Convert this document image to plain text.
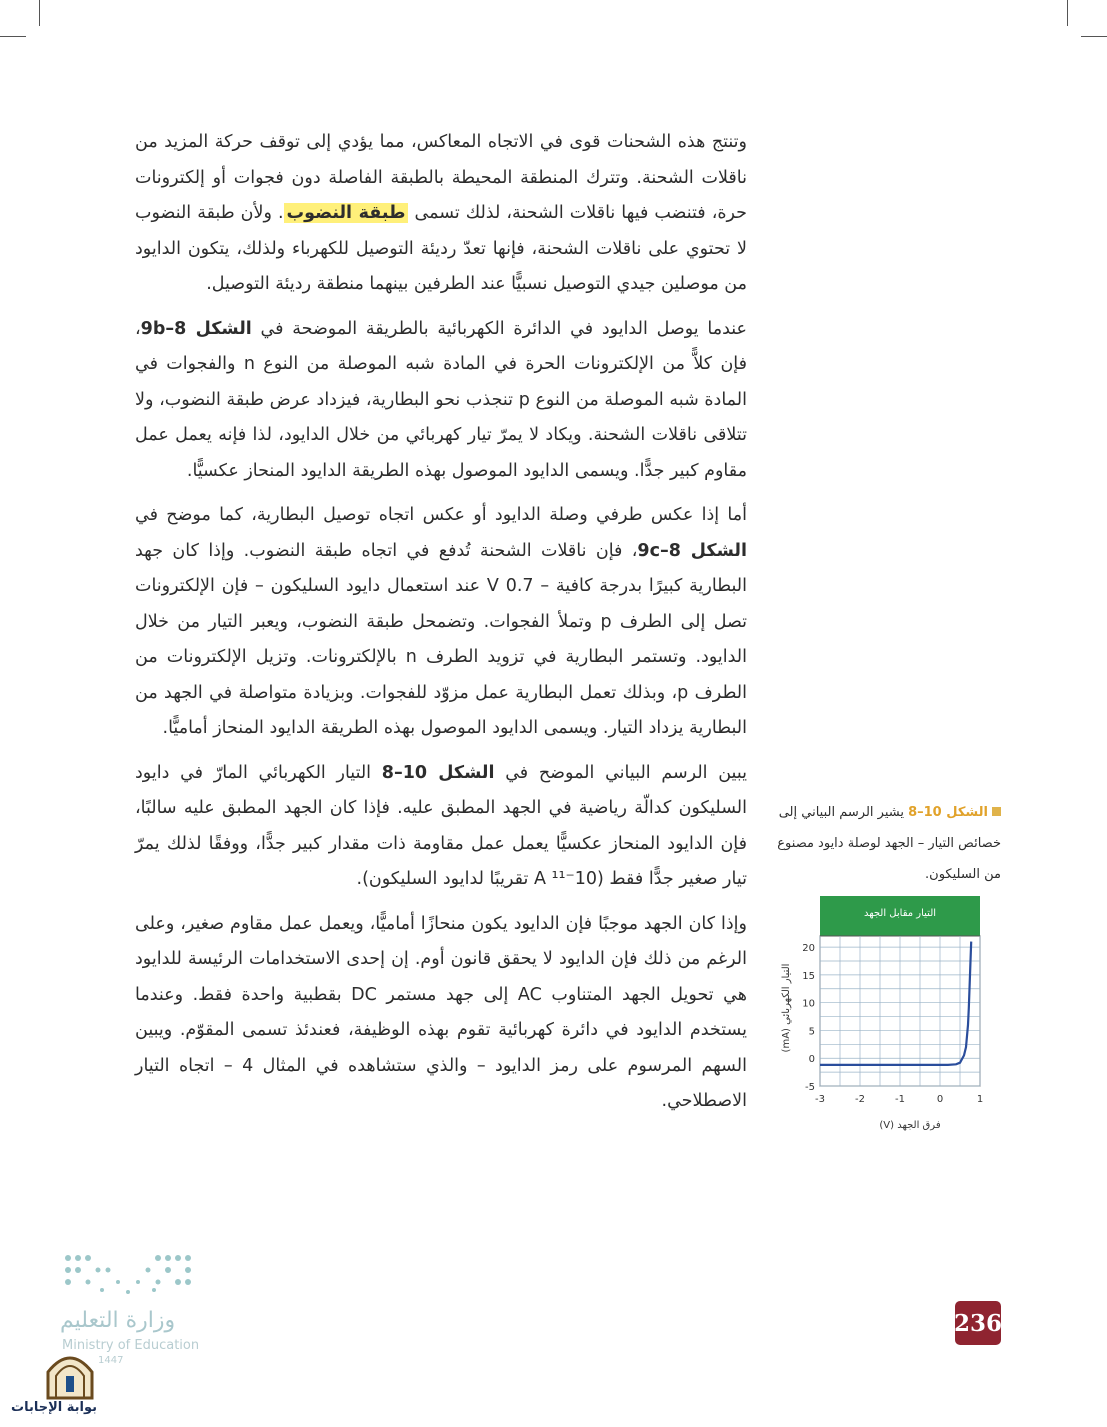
وتنتج هذه الشحنات قوى في الاتجاه المعاكس، مما يؤدي إلى توقف حركة المزيد من ناقلات الشحنة. وتترك المنطقة المحيطة بالطبقة الفاصلة دون فجوات أو إلكترونات حرة، فتنضب فيها ناقلات الشحنة، لذلك تسمى طبقة النضوب. ولأن طبقة النضوب لا تحتوي على ناقلات الشحنة، فإنها تعدّ رديئة التوصيل للكهرباء ولذلك، يتكون الدايود من موصلين جيدي التوصيل نسبيًّا عند الطرفين بينهما منطقة رديئة التوصيل.

عندما يوصل الدايود في الدائرة الكهربائية بالطريقة الموضحة في الشكل 9b–8، فإن كلاًّ من الإلكترونات الحرة في المادة شبه الموصلة من النوع n والفجوات في المادة شبه الموصلة من النوع p تنجذب نحو البطارية، فيزداد عرض طبقة النضوب، ولا تتلاقى ناقلات الشحنة. ويكاد لا يمرّ تيار كهربائي من خلال الدايود، لذا فإنه يعمل عمل مقاوم كبير جدًّا. ويسمى الدايود الموصول بهذه الطريقة الدايود المنحاز عكسيًّا.

أما إذا عكس طرفي وصلة الدايود أو عكس اتجاه توصيل البطارية، كما موضح في الشكل 9c–8، فإن ناقلات الشحنة تُدفع في اتجاه طبقة النضوب. وإذا كان جهد البطارية كبيرًا بدرجة كافية – 0.7 V عند استعمال دايود السليكون – فإن الإلكترونات تصل إلى الطرف p وتملأ الفجوات. وتضمحل طبقة النضوب، ويعبر التيار من خلال الدايود. وتستمر البطارية في تزويد الطرف n بالإلكترونات. وتزيل الإلكترونات من الطرف p، وبذلك تعمل البطارية عمل مزوّد للفجوات. وبزيادة متواصلة في الجهد من البطارية يزداد التيار. ويسمى الدايود الموصول بهذه الطريقة الدايود المنحاز أماميًّا.

يبين الرسم البياني الموضح في الشكل 10–8 التيار الكهربائي المارّ في دايود السليكون كدالّة رياضية في الجهد المطبق عليه. فإذا كان الجهد المطبق عليه سالبًا، فإن الدايود المنحاز عكسيًّا يعمل عمل مقاومة ذات مقدار كبير جدًّا، ووفقًا لذلك يمرّ تيار صغير جدًّا فقط (A ¹¹⁻10 تقريبًا لدايود السليكون).

وإذا كان الجهد موجبًا فإن الدايود يكون منحازًا أماميًّا، ويعمل عمل مقاوم صغير، وعلى الرغم من ذلك فإن الدايود لا يحقق قانون أوم. إن إحدى الاستخدامات الرئيسة للدايود هي تحويل الجهد المتناوب AC إلى جهد مستمر DC بقطبية واحدة فقط. وعندما يستخدم الدايود في دائرة كهربائية تقوم بهذه الوظيفة، فعندئذ تسمى المقوّم. ويبين السهم المرسوم على رمز الدايود – والذي ستشاهده في المثال 4 – اتجاه التيار الاصطلاحي.

الشكل 10–8 يشير الرسم البياني إلى خصائص التيار – الجهد لوصلة دايود مصنوع من السليكون.
التيار مقابل الجهد
-3	-2	-1	0	1
-5
0
5
10
15
20
فرق الجهد (V)
التيار الكهربائي (mA)
236
وزارة التعليم
Ministry of Education
1447
بوابة الإجابات
